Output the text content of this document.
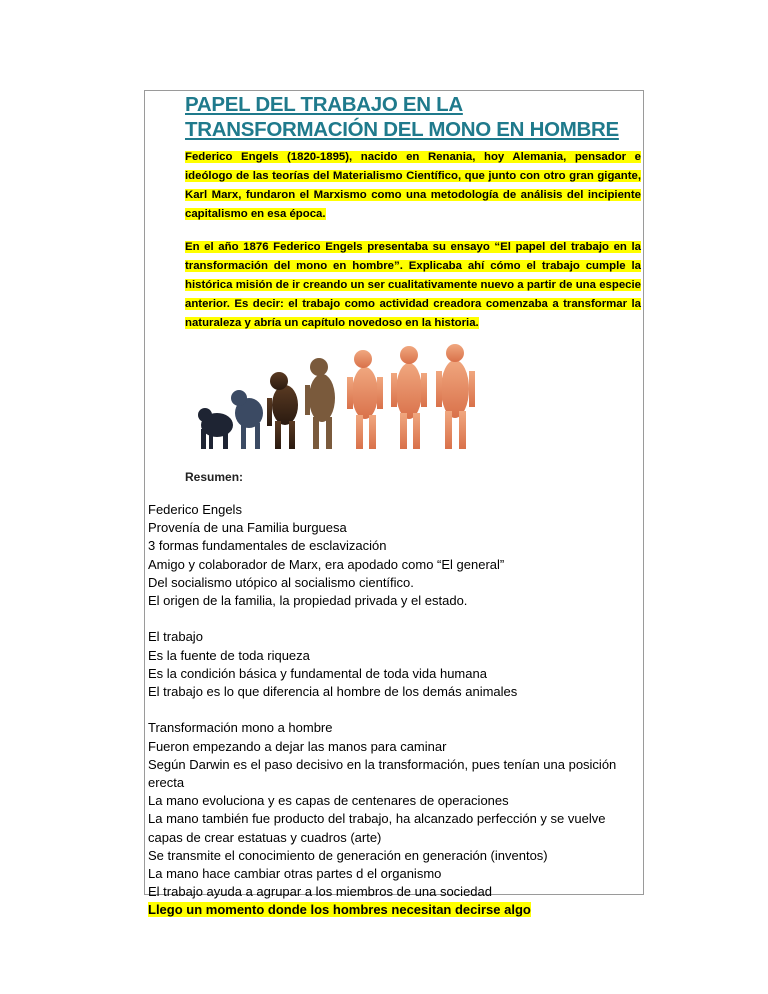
PAPEL DEL TRABAJO EN LA TRANSFORMACIÓN DEL MONO EN HOMBRE

Federico Engels (1820-1895), nacido en Renania, hoy Alemania, pensador e ideólogo de las teorías del Materialismo Científico, que junto con otro gran gigante, Karl Marx, fundaron el Marxismo como una metodología de análisis del incipiente capitalismo en esa época.

En el año 1876 Federico Engels presentaba su ensayo “El papel del trabajo en la transformación del mono en hombre”. Explicaba ahí cómo el trabajo cumple la histórica misión de ir creando un ser cualitativamente nuevo a partir de una especie anterior. Es decir: el trabajo como actividad creadora comenzaba a transformar la naturaleza y abría un capítulo novedoso en la historia.

Resumen:
Federico Engels
Provenía de una Familia burguesa
3 formas fundamentales de esclavización
Amigo y colaborador de Marx, era apodado como “El general”
Del socialismo utópico al socialismo científico.
El origen de la familia, la propiedad privada y el estado.
El trabajo
Es la fuente de toda riqueza
Es la condición básica y fundamental de toda vida humana
El trabajo es lo que diferencia al hombre de los demás animales
Transformación mono a hombre
Fueron empezando a dejar las manos para caminar
Según Darwin es el paso decisivo en la transformación, pues tenían una posición erecta
La mano evoluciona y es capas de centenares de operaciones
La mano también fue producto del trabajo, ha alcanzado perfección y se vuelve capas de crear estatuas y cuadros (arte)
Se transmite el conocimiento de generación en generación (inventos)
La mano hace cambiar otras partes d el organismo
El trabajo ayuda a agrupar a los miembros de una sociedad
Llego un momento donde los hombres necesitan decirse algo
